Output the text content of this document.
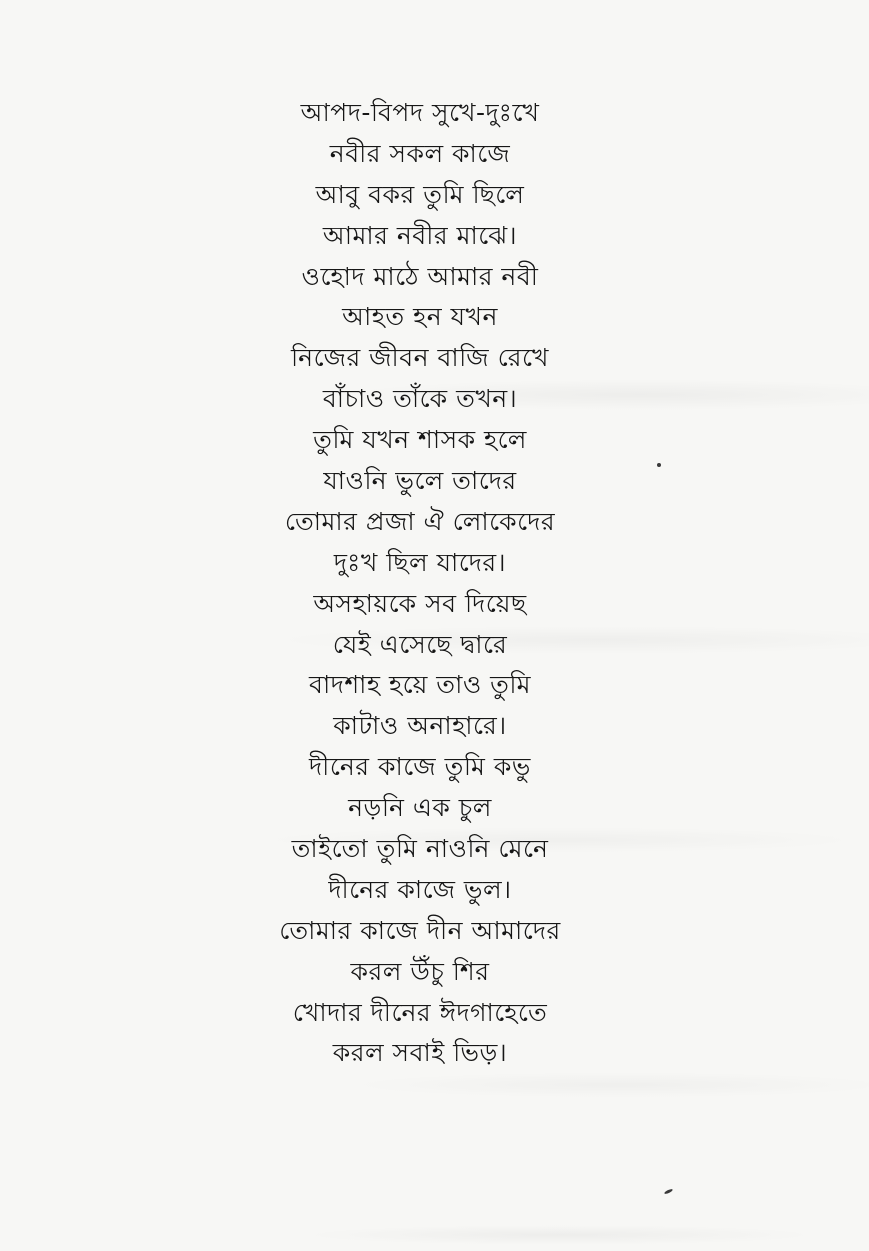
আপদ-বিপদ সুখে-দুঃখে
নবীর সকল কাজে
আবু বকর তুমি ছিলে
আমার নবীর মাঝে।
ওহোদ মাঠে আমার নবী
আহত হন যখন
নিজের জীবন বাজি রেখে
বাঁচাও তাঁকে তখন।
তুমি যখন শাসক হলে
যাওনি ভুলে তাদের
তোমার প্রজা ঐ লোকেদের
দুঃখ ছিল যাদের।
অসহায়কে সব দিয়েছ
যেই এসেছে দ্বারে
বাদশাহ হয়ে তাও তুমি
কাটাও অনাহারে।
দীনের কাজে তুমি কভু
নড়নি এক চুল
তাইতো তুমি নাওনি মেনে
দীনের কাজে ভুল।
তোমার কাজে দীন আমাদের
করল উঁচু শির
খোদার দীনের ঈদগাহেতে
করল সবাই ভিড়।
